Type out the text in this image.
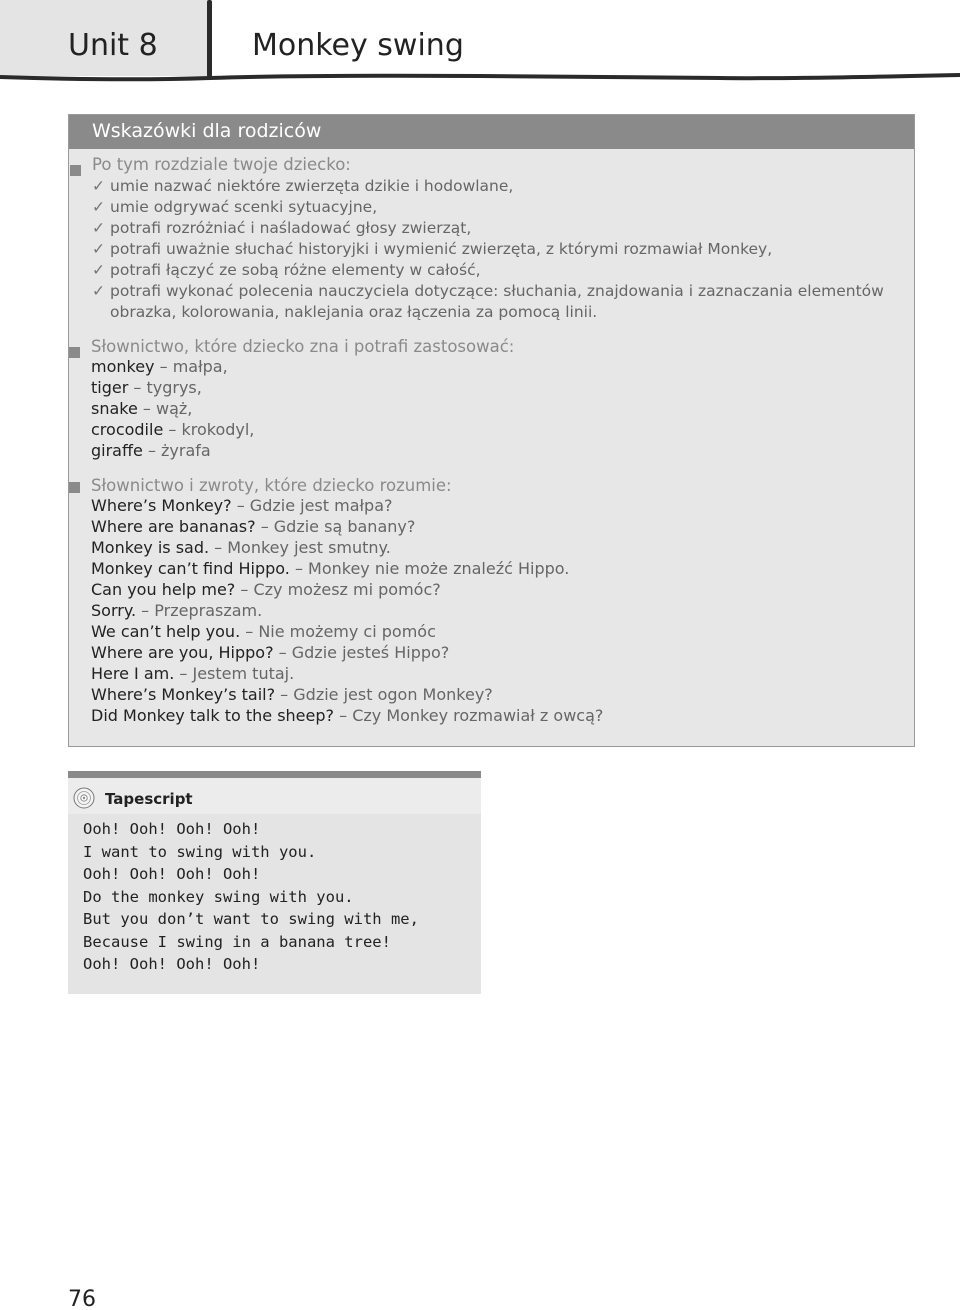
Unit 8	Monkey swing
Wskazówki dla rodziców
Po tym rozdziale twoje dziecko:
✓ umie nazwać niektóre zwierzęta dzikie i hodowlane,
✓ umie odgrywać scenki sytuacyjne,
✓ potrafi rozróżniać i naśladować głosy zwierząt,
✓ potrafi uważnie słuchać historyjki i wymienić zwierzęta, z którymi rozmawiał Monkey,
✓ potrafi łączyć ze sobą różne elementy w całość,
✓ potrafi wykonać polecenia nauczyciela dotyczące: słuchania, znajdowania i zaznaczania elementów
obrazka, kolorowania, naklejania oraz łączenia za pomocą linii.
Tapescript
Ooh! Ooh! Ooh! Ooh!
I want to swing with you.
Ooh! Ooh! Ooh! Ooh!
Do the monkey swing with you.
But you don’t want to swing with me,
Because I swing in a banana tree!
Ooh! Ooh! Ooh! Ooh!
76
Słownictwo, które dziecko zna i potrafi zastosować:
monkey – małpa,
tiger – tygrys,
snake – wąż,
crocodile – krokodyl,
giraffe – żyrafa
Słownictwo i zwroty, które dziecko rozumie:
Where’s Monkey? – Gdzie jest małpa?
Where are bananas? – Gdzie są banany?
Monkey is sad. – Monkey jest smutny.
Monkey can’t find Hippo. – Monkey nie może znaleźć Hippo.
Can you help me? – Czy możesz mi pomóc?
Sorry. – Przepraszam.
We can’t help you. – Nie możemy ci pomóc
Where are you, Hippo? – Gdzie jesteś Hippo?
Here I am. – Jestem tutaj.
Where’s Monkey’s tail? – Gdzie jest ogon Monkey?
Did Monkey talk to the sheep? – Czy Monkey rozmawiał z owcą?
